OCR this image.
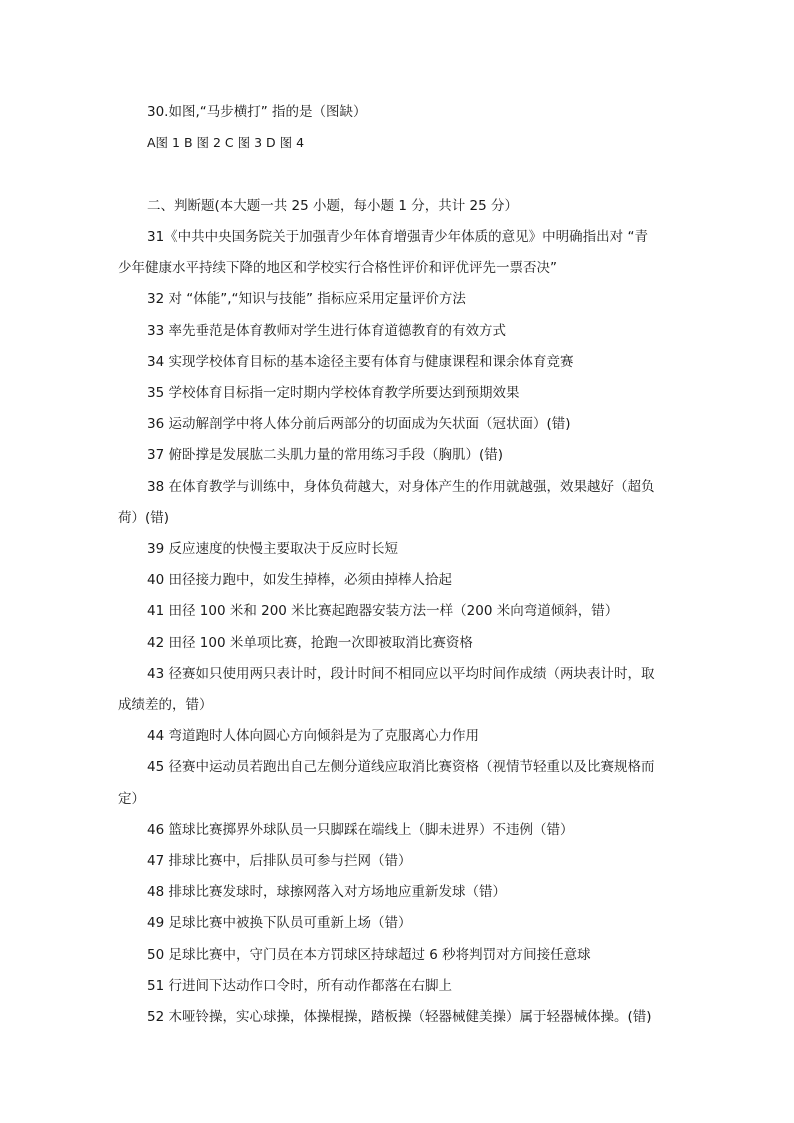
30.如图,“马步横打” 指的是（图缺）
A图 1 B 图 2 C 图 3 D 图 4
二、判断题(本大题一共 25 小题，每小题 1 分，共计 25 分）
31《中共中央国务院关于加强青少年体育增强青少年体质的意见》中明确指出对 “青
少年健康水平持续下降的地区和学校实行合格性评价和评优评先一票否决”
32 对 “体能”,“知识与技能” 指标应采用定量评价方法
33 率先垂范是体育教师对学生进行体育道德教育的有效方式
34 实现学校体育目标的基本途径主要有体育与健康课程和课余体育竞赛
35 学校体育目标指一定时期内学校体育教学所要达到预期效果
36 运动解剖学中将人体分前后两部分的切面成为矢状面（冠状面）(错)
37 俯卧撑是发展肱二头肌力量的常用练习手段（胸肌）(错)
38 在体育教学与训练中，身体负荷越大，对身体产生的作用就越强，效果越好（超负
荷）(错)
39 反应速度的快慢主要取决于反应时长短
40 田径接力跑中，如发生掉棒，必须由掉棒人拾起
41 田径 100 米和 200 米比赛起跑器安装方法一样（200 米向弯道倾斜，错）
42 田径 100 米单项比赛，抢跑一次即被取消比赛资格
43 径赛如只使用两只表计时，段计时间不相同应以平均时间作成绩（两块表计时，取
成绩差的，错）
44 弯道跑时人体向圆心方向倾斜是为了克服离心力作用
45 径赛中运动员若跑出自己左侧分道线应取消比赛资格（视情节轻重以及比赛规格而
定）
46 篮球比赛掷界外球队员一只脚踩在端线上（脚未进界）不违例（错）
47 排球比赛中，后排队员可参与拦网（错）
48 排球比赛发球时，球擦网落入对方场地应重新发球（错）
49 足球比赛中被换下队员可重新上场（错）
50 足球比赛中，守门员在本方罚球区持球超过 6 秒将判罚对方间接任意球
51 行进间下达动作口令时，所有动作都落在右脚上
52 木哑铃操，实心球操，体操棍操，踏板操（轻器械健美操）属于轻器械体操。(错)
